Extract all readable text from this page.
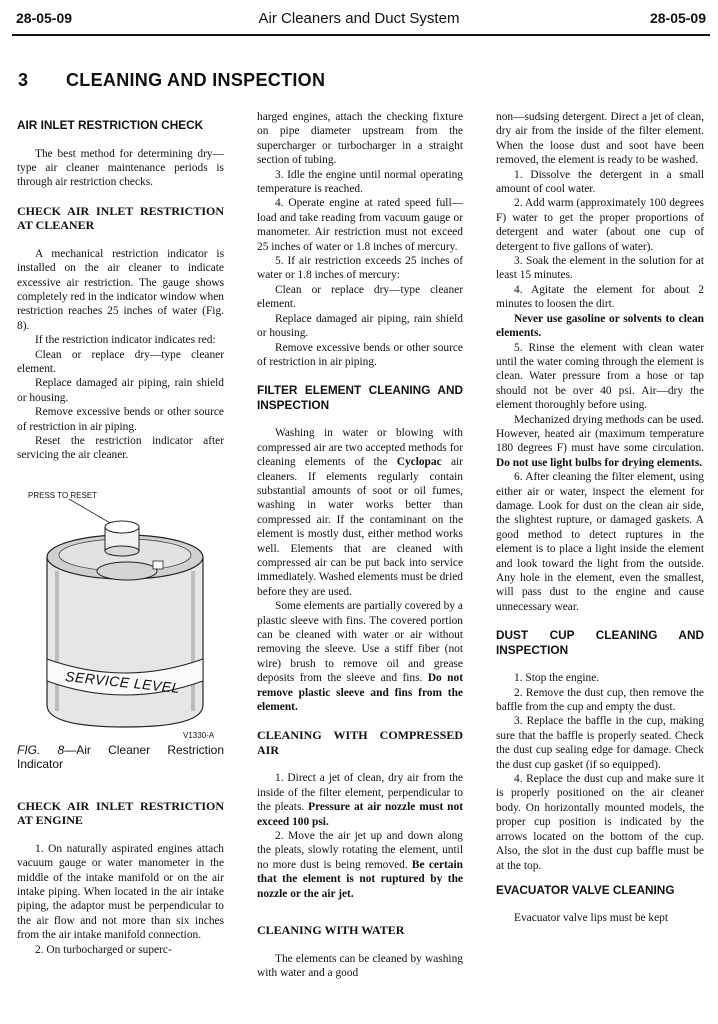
28-05-09	Air Cleaners and Duct System	28-05-09
3 CLEANING AND INSPECTION

AIR INLET RESTRICTION CHECK

The best method for determining dry—type air cleaner maintenance periods is through air restriction checks.

CHECK AIR INLET RESTRICTION AT CLEANER

A mechanical restriction indicator is installed on the air cleaner to indicate excessive air restriction. The gauge shows completely red in the indicator window when restriction reaches 25 inches of water (Fig. 8).

If the restriction indicator indicates red:

Clean or replace dry—type cleaner element.

Replace damaged air piping, rain shield or housing.

Remove excessive bends or other source of restriction in air piping.

Reset the restriction indicator after servicing the air cleaner.

PRESS TO RESET
SERVICE LEVEL
V1330-A

FIG. 8—Air Cleaner Restriction Indicator

CHECK AIR INLET RESTRICTION AT ENGINE

1. On naturally aspirated engines attach vacuum gauge or water manometer in the middle of the intake manifold or on the air intake piping. When located in the air intake piping, the adaptor must be perpendicular to the air flow and not more than six inches from the air intake manifold connection.

2. On turbocharged or superc-

harged engines, attach the checking fixture on pipe diameter upstream from the supercharger or turbocharger in a straight section of tubing.

3. Idle the engine until normal operating temperature is reached.

4. Operate engine at rated speed full—load and take reading from vacuum gauge or manometer. Air restriction must not exceed 25 inches of water or 1.8 inches of mercury.

5. If air restriction exceeds 25 inches of water or 1.8 inches of mercury:

Clean or replace dry—type cleaner element.

Replace damaged air piping, rain shield or housing.

Remove excessive bends or other source of restriction in air piping.

FILTER ELEMENT CLEANING AND INSPECTION

Washing in water or blowing with compressed air are two accepted methods for cleaning elements of the Cyclopac air cleaners. If elements regularly contain substantial amounts of soot or oil fumes, washing in water works better than compressed air. If the contaminant on the element is mostly dust, either method works well. Elements that are cleaned with compressed air can be put back into service immediately. Washed elements must be dried before they are used.

Some elements are partially covered by a plastic sleeve with fins. The covered portion can be cleaned with water or air without removing the sleeve. Use a stiff fiber (not wire) brush to remove oil and grease deposits from the sleeve and fins. Do not remove plastic sleeve and fins from the element.

CLEANING WITH COMPRESSED AIR

1. Direct a jet of clean, dry air from the inside of the filter element, perpendicular to the pleats. Pressure at air nozzle must not exceed 100 psi.

2. Move the air jet up and down along the pleats, slowly rotating the element, until no more dust is being removed. Be certain that the element is not ruptured by the nozzle or the air jet.

CLEANING WITH WATER

The elements can be cleaned by washing with water and a good

non—sudsing detergent. Direct a jet of clean, dry air from the inside of the filter element. When the loose dust and soot have been removed, the element is ready to be washed.

1. Dissolve the detergent in a small amount of cool water.

2. Add warm (approximately 100 degrees F) water to get the proper proportions of detergent and water (about one cup of detergent to five gallons of water).

3. Soak the element in the solution for at least 15 minutes.

4. Agitate the element for about 2 minutes to loosen the dirt.

Never use gasoline or solvents to clean elements.

5. Rinse the element with clean water until the water coming through the element is clean. Water pressure from a hose or tap should not be over 40 psi. Air—dry the element thoroughly before using.

Mechanized drying methods can be used. However, heated air (maximum temperature 180 degrees F) must have some circulation. Do not use light bulbs for drying elements.

6. After cleaning the filter element, using either air or water, inspect the element for damage. Look for dust on the clean air side, the slightest rupture, or damaged gaskets. A good method to detect ruptures in the element is to place a light inside the element and look toward the light from the outside. Any hole in the element, even the smallest, will pass dust to the engine and cause unnecessary wear.

DUST CUP CLEANING AND INSPECTION

1. Stop the engine.

2. Remove the dust cup, then remove the baffle from the cup and empty the dust.

3. Replace the baffle in the cup, making sure that the baffle is properly seated. Check the dust cup sealing edge for damage. Check the dust cup gasket (if so equipped).

4. Replace the dust cup and make sure it is properly positioned on the air cleaner body. On horizontally mounted models, the proper cup position is indicated by the arrows located on the bottom of the cup. Also, the slot in the dust cup baffle must be at the top.

EVACUATOR VALVE CLEANING

Evacuator valve lips must be kept
